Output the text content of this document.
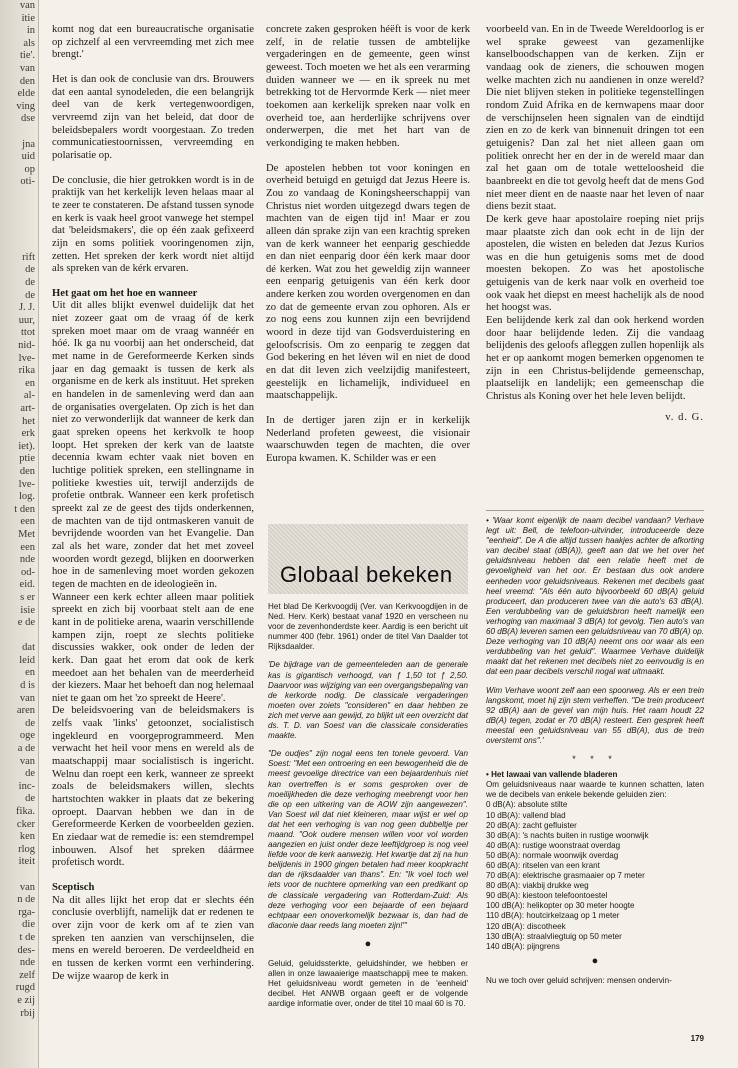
van
itie
in
als
tie'.
van
den
elde
ving
dse
jna
uid
op
oti-
rift
de
de
de
J. J.
uur,
ttot
nid-
lve-
rika
en
al-
art-
het
erk
iet).
ptie
den
lve-
log.
t den
een
Met
een
nde
od-
eid.
s er
isie
e de
dat
leid
en
d is
van
aren
de
oge
a de
van
de
inc-
de
fika.
cker
ken
rlog
iteit
van
n de
rga-
die
t de
des-
nde
zelf
rugd
e zij
rbij

komt nog dat een bureaucratische organisatie op zichzelf al een vervreemding met zich mee brengt.'

Het is dan ook de conclusie van drs. Brouwers dat een aantal synodeleden, die een belangrijk deel van de kerk vertegenwoordigen, vervreemd zijn van het beleid, dat door de beleidsbepalers wordt voorgestaan. Zo treden communicatiestoornissen, vervreemding en polarisatie op.

De conclusie, die hier getrokken wordt is in de praktijk van het kerkelijk leven helaas maar al te zeer te constateren. De afstand tussen synode en kerk is vaak heel groot vanwege het stempel dat 'beleidsmakers', die op één zaak gefixeerd zijn en soms politiek vooringenomen zijn, zetten. Het spreken der kerk wordt niet altijd als spreken van de kérk ervaren.

Het gaat om het hoe en wanneer

Uit dit alles blijkt evenwel duidelijk dat het niet zozeer gaat om de vraag óf de kerk spreken moet maar om de vraag wannéér en hóé. Ik ga nu voorbij aan het onderscheid, dat met name in de Gereformeerde Kerken sinds jaar en dag gemaakt is tussen de kerk als organisme en de kerk als instituut. Het spreken en handelen in de samenleving werd dan aan de organisaties overgelaten. Op zich is het dan niet zo verwonderlijk dat wanneer de kerk dan gaat spreken opeens het kerkvolk te hoop loopt. Het spreken der kerk van de laatste decennia kwam echter vaak niet boven en luchtige politiek spreken, een stellingname in politieke kwesties uit, terwijl anderzijds de profetie ontbrak. Wanneer een kerk profetisch spreekt zal ze de geest des tijds onderkennen, de machten van de tijd ontmaskeren vanuit de bevrijdende woorden van het Evangelie. Dan zal als het ware, zonder dat het met zoveel woorden wordt gezegd, blijken en doorwerken hoe in de samenleving moet worden gekozen tegen de machten en de ideologieën in.

Wanneer een kerk echter alleen maar politiek spreekt en zich bij voorbaat stelt aan de ene kant in de politieke arena, waarin verschillende kampen zijn, roept ze slechts politieke discussies wakker, ook onder de leden der kerk. Dan gaat het erom dat ook de kerk meedoet aan het behalen van de meerderheid der kiezers. Maar het behoeft dan nog helemaal niet te gaan om het 'zo spreekt de Heere'.

De beleidsvoering van de beleidsmakers is zelfs vaak 'links' getoonzet, socialistisch ingekleurd en voorgeprogrammeerd. Men verwacht het heil voor mens en wereld als de maatschappij maar socialistisch is ingericht. Welnu dan roept een kerk, wanneer ze spreekt zoals de beleidsmakers willen, slechts hartstochten wakker in plaats dat ze bekering oproept. Daarvan hebben we dan in de Gereformeerde Kerken de voorbeelden gezien. En ziedaar wat de remedie is: een stemdrempel inbouwen. Alsof het spreken dáármee profetisch wordt.

Sceptisch

Na dit alles lijkt het erop dat er slechts één conclusie overblijft, namelijk dat er redenen te over zijn voor de kerk om af te zien van spreken ten aanzien van verschijnselen, die mens en wereld beroeren. De verdeeldheid en en tussen de kerken vormt een verhindering. De wijze waarop de kerk in

concrete zaken gesproken héëft is voor de kerk zelf, in de relatie tussen de ambtelijke vergaderingen en de gemeente, geen winst geweest. Toch moeten we het als een verarming duiden wanneer we — en ik spreek nu met betrekking tot de Hervormde Kerk — niet meer toekomen aan kerkelijk spreken naar volk en overheid toe, aan herderlijke schrijvens over onderwerpen, die met het hart van de verkondiging te maken hebben.

De apostelen hebben tot voor koningen en overheid betuigd en getuigd dat Jezus Heere is. Zou zo vandaag de Koningsheerschappij van Christus niet worden uitgezegd dwars tegen de machten van de eigen tijd in! Maar er zou alleen dán sprake zijn van een krachtig spreken van de kerk wanneer het eenparig geschiedde en dan niet eenparig door één kerk maar door dé kerken. Wat zou het geweldig zijn wanneer een eenparig getuigenis van één kerk door andere kerken zou worden overgenomen en dan zo dat de gemeente ervan zou ophoren. Als er zo nog eens zou kunnen zijn een bevrijdend woord in deze tijd van Godsverduistering en geloofscrisis. Om zo eenparig te zeggen dat God bekering en het léven wil en niet de dood en dat dit leven zich veelzijdig manifesteert, geestelijk en lichamelijk, individueel en maatschappelijk.

In de dertiger jaren zijn er in kerkelijk Nederland profeten geweest, die visionair waarschuwden tegen de machten, die over Europa kwamen. K. Schilder was er een

voorbeeld van. En in de Tweede Wereldoorlog is er wel sprake geweest van gezamenlijke kanselboodschappen van de kerken. Zijn er vandaag ook de zieners, die schouwen mogen welke machten zich nu aandienen in onze wereld? Die niet blijven steken in politieke tegenstellingen rondom Zuid Afrika en de kernwapens maar door de verschijnselen heen signalen van de eindtijd zien en zo de kerk van binnenuit dringen tot een getuigenis? Dan zal het niet alleen gaan om politiek onrecht her en der in de wereld maar dan zal het gaan om de totale wetteloosheid die baanbreekt en die tot gevolg heeft dat de mens God niet meer dient en de naaste naar het leven of naar diens bezit staat.

De kerk geve haar apostolaire roeping niet prijs maar plaatste zich dan ook echt in de lijn der apostelen, die wisten en beleden dat Jezus Kurios was en die hun getuigenis soms met de dood moesten bekopen. Zo was het apostolische getuigenis van de kerk naar volk en overheid toe ook vaak het diepst en meest hachelijk als de nood het hoogst was.

Een belijdende kerk zal dan ook herkend worden door haar belijdende leden. Zij die vandaag belijdenis des geloofs afleggen zullen hopenlijk als het er op aankomt mogen bemerken opgenomen te zijn in een Christus-belijdende gemeenschap, plaatselijk en landelijk; een gemeenschap die Christus als Koning over het hele leven belijdt.

v. d. G.
Globaal bekeken

Het blad De Kerkvoogdij (Ver. van Kerkvoogdijen in de Ned. Herv. Kerk) bestaat vanaf 1920 en verscheen nu voor de zevenhonderdste keer. Aardig is een bericht uit nummer 400 (febr. 1961) onder de titel Van Daalder tot Rijksdaalder.

'De bijdrage van de gemeenteleden aan de generale kas is gigantisch verhoogd, van ƒ 1,50 tot ƒ 2,50. Daarvoor was wijziging van een overgangsbepaling van de kerkorde nodig. De classicale vergaderingen moeten over zoiets "consideren" en daar hebben ze zich met verve aan gewijd, zo blijkt uit een overzicht dat ds. T. D. van Soest van die classicale consideraties maakte.

"De oudjes" zijn nogal eens ten tonele gevoerd. Van Soest: "Met een ontroering en een bewogenheid die de meest gevoelige directrice van een bejaardenhuis niet kan overtreffen is er soms gesproken over de moeilijkheden die deze verhoging meebrengt voor hen die op een uitkering van de AOW zijn aangewezen". Van Soest wil dat niet kleineren, maar wijst er wel op dat het een verhoging is van nog geen dubbeltje per maand. "Ook oudere mensen willen voor vol worden aangezien en juist onder deze leeftijdgroep is nog veel liefde voor de kerk aanwezig. Het kwartje dat zij na hun belijdenis in 1900 gingen betalen had meer koopkracht dan de rijksdaalder van thans". En: "Ik voel toch wel iets voor de nuchtere opmerking van een predikant op de classicale vergadering van Rotterdam-Zuid: Als deze verhoging voor een bejaarde of een bejaard echtpaar een onoverkomelijk bezwaar is, dan had de diaconie daar reeds lang moeten zijn!"'

●

Geluid, geluidssterkte, geluidshinder, we hebben er allen in onze lawaaierige maatschappij mee te maken. Het geluidsniveau wordt gemeten in de 'eenheid' decibel. Het ANWB orgaan geeft er de volgende aardige informatie over, onder de titel 10 maal 60 is 70.

• 'Waar komt eigenlijk de naam decibel vandaan? Verhave legt uit: Bell, de telefoon-uitvinder, introduceerde deze "eenheid". De A die altijd tussen haakjes achter de afkorting van decibel staat (dB(A)), geeft aan dat we het over het geluidsniveau hebben dat een relatie heeft met de gevoeligheid van het oor. Er bestaan dus ook andere eenheden voor geluidsniveaus. Rekenen met decibels gaat heel vreemd: "Als één auto bijvoorbeeld 60 dB(A) geluid produceert, dan produceren twee van die auto's 63 dB(A). Een verdubbeling van de geluidsbron heeft namelijk een verhoging van maximaal 3 dB(A) tot gevolg. Tien auto's van 60 dB(A) leveren samen een geluidsniveau van 70 dB(A) op. Deze verhoging van 10 dB(A) neemt ons oor waar als een verdubbeling van het geluid". Waarmee Verhave duidelijk maakt dat het rekenen met decibels niet zo eenvoudig is en dat een paar decibels verschil nogal wat uitmaakt.

Wim Verhave woont zelf aan een spoorweg. Als er een trein langskomt, moet hij zijn stem verheffen. "De trein produceert 92 dB(A) aan de gevel van mijn huis. Het raam houdt 22 dB(A) tegen, zodat er 70 dB(A) resteert. Een gesprek heeft meestal een geluidsniveau van 55 dB(A), dus de trein overstemt ons".'

* * *
• Het lawaai van vallende bladeren
Om geluidsniveaus naar waarde te kunnen schatten, laten we de decibels van enkele bekende geluiden zien:
0 dB(A): absolute stilte
10 dB(A): vallend blad
20 dB(A): zacht gefluister
30 dB(A): 's nachts buiten in rustige woonwijk
40 dB(A): rustige woonstraat overdag
50 dB(A): normale woonwijk overdag
60 dB(A): ritselen van een krant
70 dB(A): elektrische grasmaaier op 7 meter
80 dB(A): viakbij drukke weg
90 dB(A): kiestoon telefoontoestel
100 dB(A): helikopter op 30 meter hoogte
110 dB(A): houtcirkelzaag op 1 meter
120 dB(A): discotheek
130 dB(A): straalvliegtuig op 50 meter
140 dB(A): pijngrens
●

Nu we toch over geluid schrijven: mensen ondervin-

179
